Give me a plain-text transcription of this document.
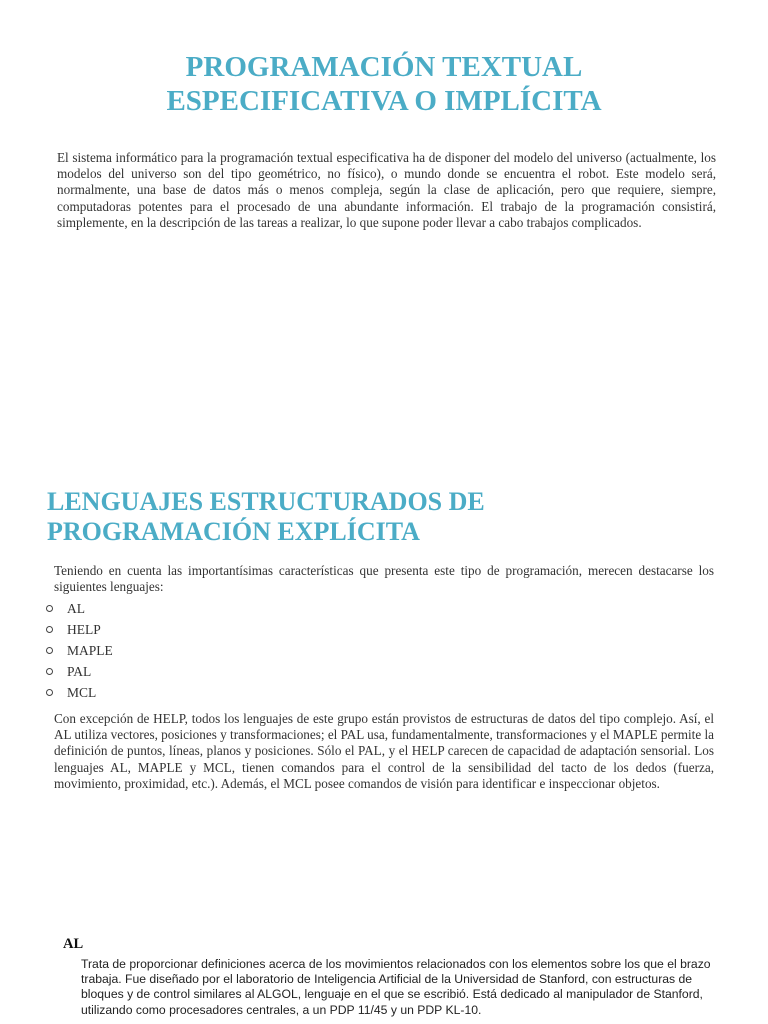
PROGRAMACIÓN TEXTUAL
ESPECIFICATIVA O IMPLÍCITA

El sistema informático para la programación textual especificativa ha de disponer del modelo del universo (actualmente, los modelos del universo son del tipo geométrico, no físico), o mundo donde se encuentra el robot. Este modelo será, normalmente, una base de datos más o menos compleja, según la clase de aplicación, pero que requiere, siempre, computadoras potentes para el procesado de una abundante información. El trabajo de la programación consistirá, simplemente, en la descripción de las tareas a realizar, lo que supone poder llevar a cabo trabajos complicados.

LENGUAJES ESTRUCTURADOS DE
PROGRAMACIÓN EXPLÍCITA

Teniendo en cuenta las importantísimas características que presenta este tipo de programación, merecen destacarse los siguientes lenguajes:

AL
HELP
MAPLE
PAL
MCL

Con excepción de HELP, todos los lenguajes de este grupo están provistos de estructuras de datos del tipo complejo. Así, el AL utiliza vectores, posiciones y transformaciones; el PAL usa, fundamentalmente, transformaciones y el MAPLE permite la definición de puntos, líneas, planos y posiciones. Sólo el PAL, y el HELP carecen de capacidad de adaptación sensorial. Los lenguajes AL, MAPLE y MCL, tienen comandos para el control de la sensibilidad del tacto de los dedos (fuerza, movimiento, proximidad, etc.). Además, el MCL posee comandos de visión para identificar e inspeccionar objetos.

AL

Trata de proporcionar definiciones acerca de los movimientos relacionados con los elementos sobre los que el brazo trabaja. Fue diseñado por el laboratorio de Inteligencia Artificial de la Universidad de Stanford, con estructuras de bloques y de control similares al ALGOL, lenguaje en el que se escribió. Está dedicado al manipulador de Stanford, utilizando como procesadores centrales, a un PDP 11/45 y un PDP KL-10.
